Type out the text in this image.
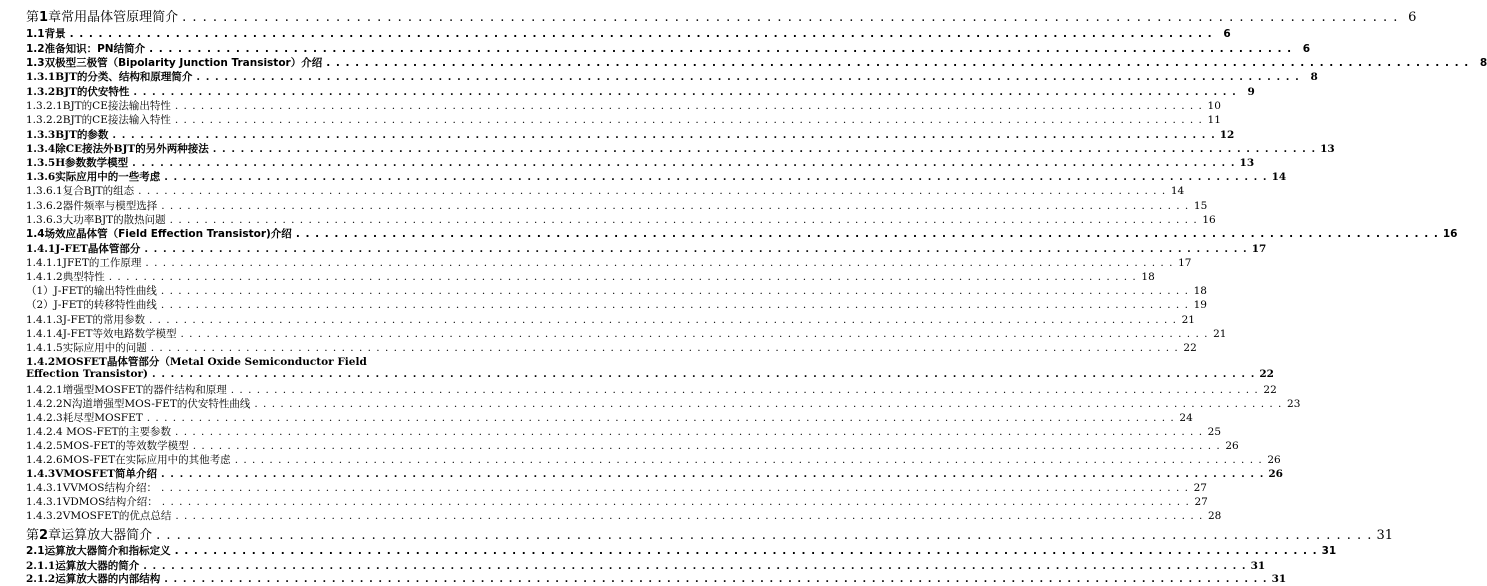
第1章常用晶体管原理简介 . . .	6
1.1背景 . . .	6
1.2准备知识：PN结简介 . . .	6
1.3双极型三极管（Bipolarity Junction Transistor）介绍 . . .	8
1.3.1BJT的分类、结构和原理简介 . . .	8
1.3.2BJT的伏安特性 . . .	9
1.3.2.1BJT的CE接法输出特性 . . .	10
1.3.2.2BJT的CE接法输入特性 . . .	11
1.3.3BJT的参数 . . .	12
1.3.4除CE接法外BJT的另外两种接法 . . .	13
1.3.5H参数数学模型 . . .	13
1.3.6实际应用中的一些考虑 . . .	14
1.3.6.1复合BJT的组态 . . .	14
1.3.6.2器件频率与模型选择 . . .	15
1.3.6.3大功率BJT的散热问题 . . .	16
1.4场效应晶体管（Field Effection Transistor)介绍 . . .	16
1.4.1J-FET晶体管部分 . . .	17
1.4.1.1JFET的工作原理 . . .	17
1.4.1.2典型特性 . . .	18
（1）J-FET的输出特性曲线 . . .	18
（2）J-FET的转移特性曲线 . . .	19
1.4.1.3J-FET的常用参数 . . .	21
1.4.1.4J-FET等效电路数学模型 . . .	21
1.4.1.5实际应用中的问题 . . .	22
1.4.2MOSFET晶体管部分（Metal Oxide Semiconductor Field
Effection Transistor) . . .	22
1.4.2.1增强型MOSFET的器件结构和原理 . . .	22
1.4.2.2N沟道增强型MOS-FET的伏安特性曲线 . . .	23
1.4.2.3耗尽型MOSFET . . .	24
1.4.2.4 MOS-FET的主要参数 . . .	25
1.4.2.5MOS-FET的等效数学模型 . . .	26
1.4.2.6MOS-FET在实际应用中的其他考虑 . . .	26
1.4.3VMOSFET简单介绍 . . .	26
1.4.3.1VVMOS结构介绍： . . .	27
1.4.3.1VDMOS结构介绍： . . .	27
1.4.3.2VMOSFET的优点总结 . . .	28
第2章运算放大器简介 . . .	31
2.1运算放大器简介和指标定义 . . .	31
2.1.1运算放大器的简介 . . .	31
2.1.2运算放大器的内部结构 . . .	31
